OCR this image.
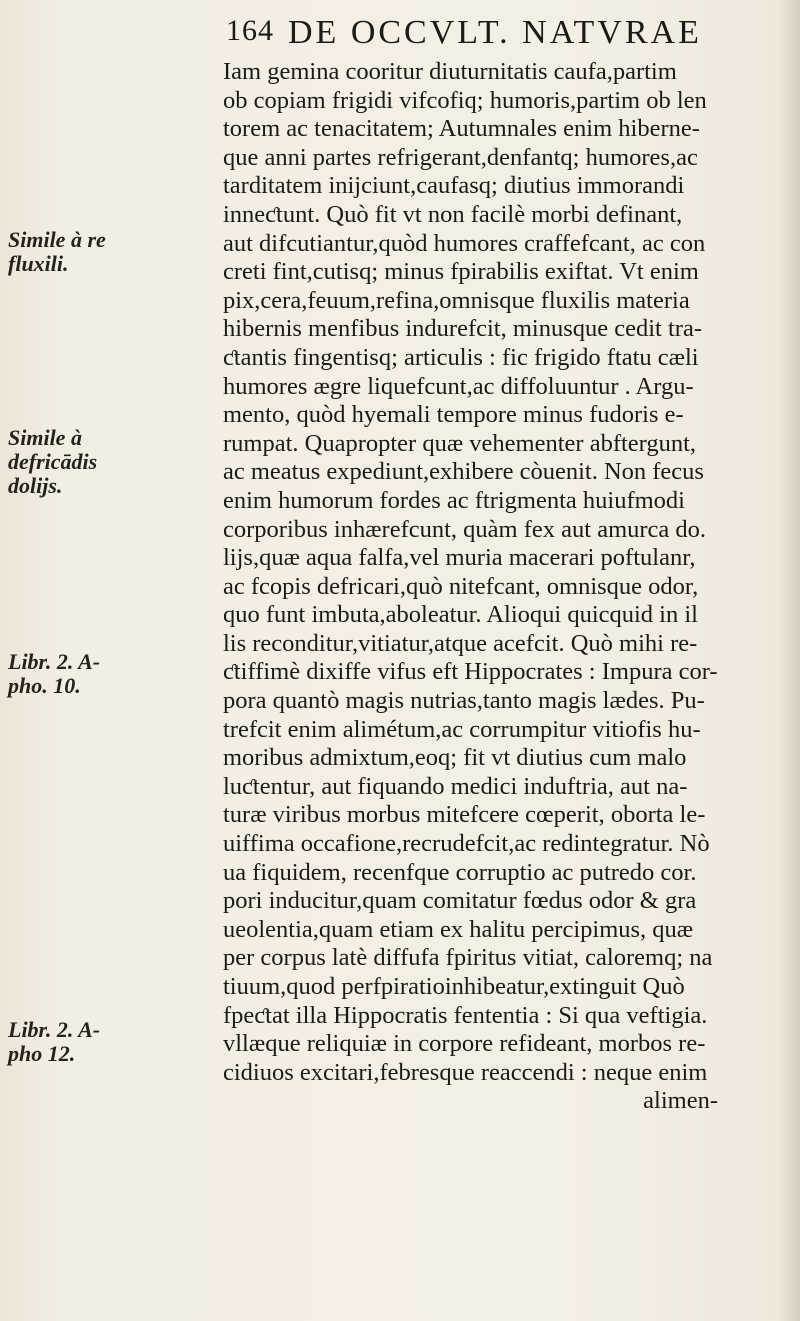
164 DE OCCVLT. NATVRAE
Simile à re
fluxili.
Simile à
defricādis
dolijs.
Libr. 2. A-
pho. 10.
Libr. 2. A-
pho 12.
Iam gemina cooritur diuturnitatis caufa,partim
ob copiam frigidi vifcofiq; humoris,partim ob len
torem ac tenacitatem; Autumnales enim hiberne-
que anni partes refrigerant,denfantq; humores,ac
tarditatem inijciunt,caufasq; diutius immorandi
inneƈtunt. Quò fit vt non facilè morbi definant,
aut difcutiantur,quòd humores craffefcant, ac con
creti fint,cutisq; minus fpirabilis exiftat. Vt enim
pix,cera,feuum,refina,omnisque fluxilis materia
hibernis menfibus indurefcit, minusque cedit tra-
ƈtantis fingentisq; articulis : fic frigido ftatu cæli
humores ægre liquefcunt,ac diffoluuntur . Argu-
mento, quòd hyemali tempore minus fudoris e-
rumpat. Quapropter quæ vehementer abftergunt,
ac meatus expediunt,exhibere còuenit. Non fecus
enim humorum fordes ac ftrigmenta huiufmodi
corporibus inhærefcunt, quàm fex aut amurca do.
lijs,quæ aqua falfa,vel muria macerari poftulanr,
ac fcopis defricari,quò nitefcant, omnisque odor,
quo funt imbuta,aboleatur. Alioqui quicquid in il
lis reconditur,vitiatur,atque acefcit. Quò mihi re-
ƈtiffimè dixiffe vifus eft Hippocrates : Impura cor-
pora quantò magis nutrias,tanto magis lædes. Pu-
trefcit enim alimétum,ac corrumpitur vitiofis hu-
moribus admixtum,eoq; fit vt diutius cum malo
luƈtentur, aut fiquando medici induftria, aut na-
turæ viribus morbus mitefcere cœperit, oborta le-
uiffima occafione,recrudefcit,ac redintegratur. Nò
ua fiquidem, recenfque corruptio ac putredo cor.
pori inducitur,quam comitatur fœdus odor & gra
ueolentia,quam etiam ex halitu percipimus, quæ
per corpus latè diffufa fpiritus vitiat, caloremq; na
tiuum,quod perfpiratioinhibeatur,extinguit Quò
fpeƈtat illa Hippocratis fententia : Si qua veftigia.
vllæque reliquiæ in corpore refideant, morbos re-
cidiuos excitari,febresque reaccendi : neque enim
alimen-
